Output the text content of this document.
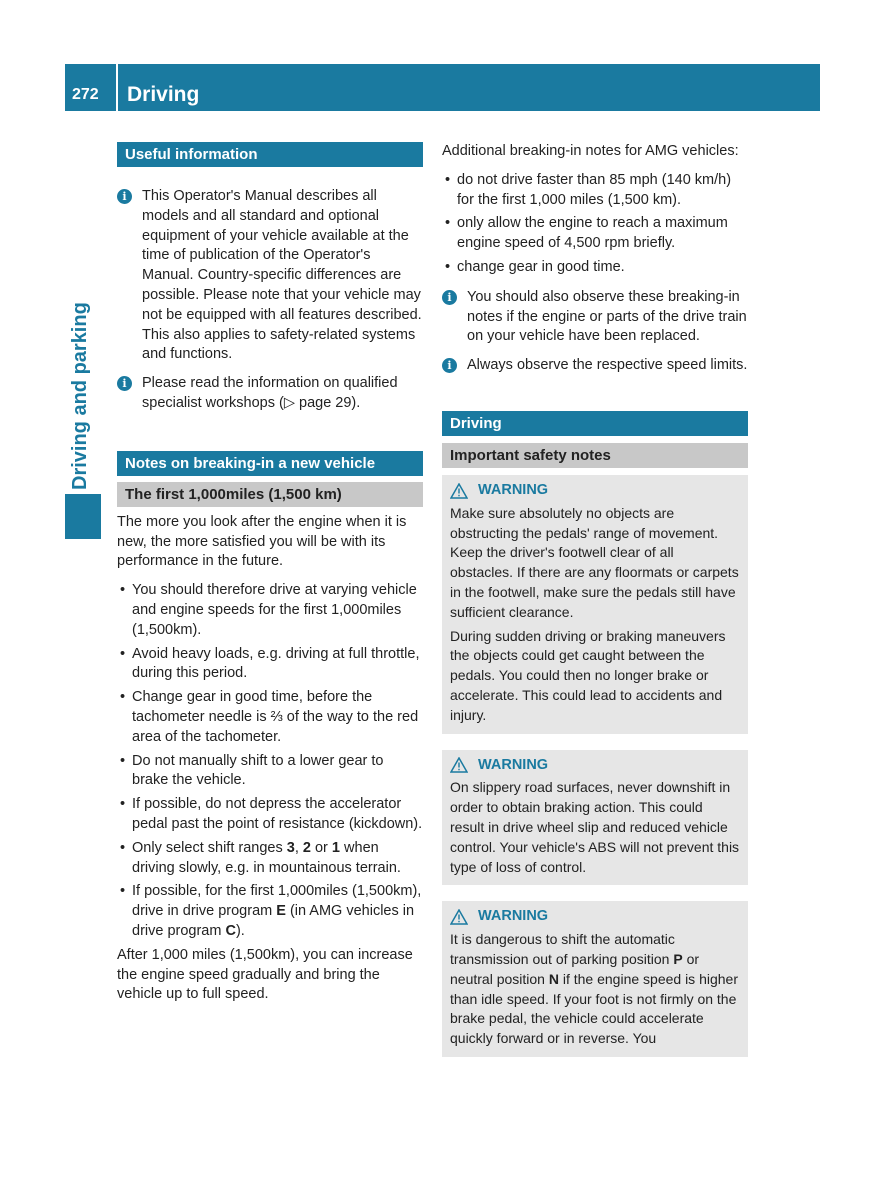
272 Driving
Driving and parking
Useful information
i	This Operator's Manual describes all models and all standard and optional equipment of your vehicle available at the time of publication of the Operator's Manual. Country-specific differences are possible. Please note that your vehicle may not be equipped with all features described. This also applies to safety-related systems and functions.
i	Please read the information on qualified specialist workshops (▷ page 29).
Notes on breaking-in a new vehicle
The first 1,000miles (1,500 km)

The more you look after the engine when it is new, the more satisfied you will be with its performance in the future.

• You should therefore drive at varying vehicle and engine speeds for the first 1,000miles (1,500km).
• Avoid heavy loads, e.g. driving at full throttle, during this period.
• Change gear in good time, before the tachometer needle is ⅔ of the way to the red area of the tachometer.
• Do not manually shift to a lower gear to brake the vehicle.
• If possible, do not depress the accelerator pedal past the point of resistance (kickdown).
• Only select shift ranges 3, 2 or 1 when driving slowly, e.g. in mountainous terrain.
• If possible, for the first 1,000miles (1,500km), drive in drive program E (in AMG vehicles in drive program C).

After 1,000 miles (1,500km), you can increase the engine speed gradually and bring the vehicle up to full speed.

Additional breaking-in notes for AMG vehicles:

• do not drive faster than 85 mph (140 km/h) for the first 1,000 miles (1,500 km).
• only allow the engine to reach a maximum engine speed of 4,500 rpm briefly.
• change gear in good time.
i	You should also observe these breaking-in notes if the engine or parts of the drive train on your vehicle have been replaced.
i	Always observe the respective speed limits.
Driving
Important safety notes
WARNING

Make sure absolutely no objects are obstructing the pedals' range of movement. Keep the driver's footwell clear of all obstacles. If there are any floormats or carpets in the footwell, make sure the pedals still have sufficient clearance.

During sudden driving or braking maneuvers the objects could get caught between the pedals. You could then no longer brake or accelerate. This could lead to accidents and injury.

WARNING

On slippery road surfaces, never downshift in order to obtain braking action. This could result in drive wheel slip and reduced vehicle control. Your vehicle's ABS will not prevent this type of loss of control.

WARNING

It is dangerous to shift the automatic transmission out of parking position P or neutral position N if the engine speed is higher than idle speed. If your foot is not firmly on the brake pedal, the vehicle could accelerate quickly forward or in reverse. You
